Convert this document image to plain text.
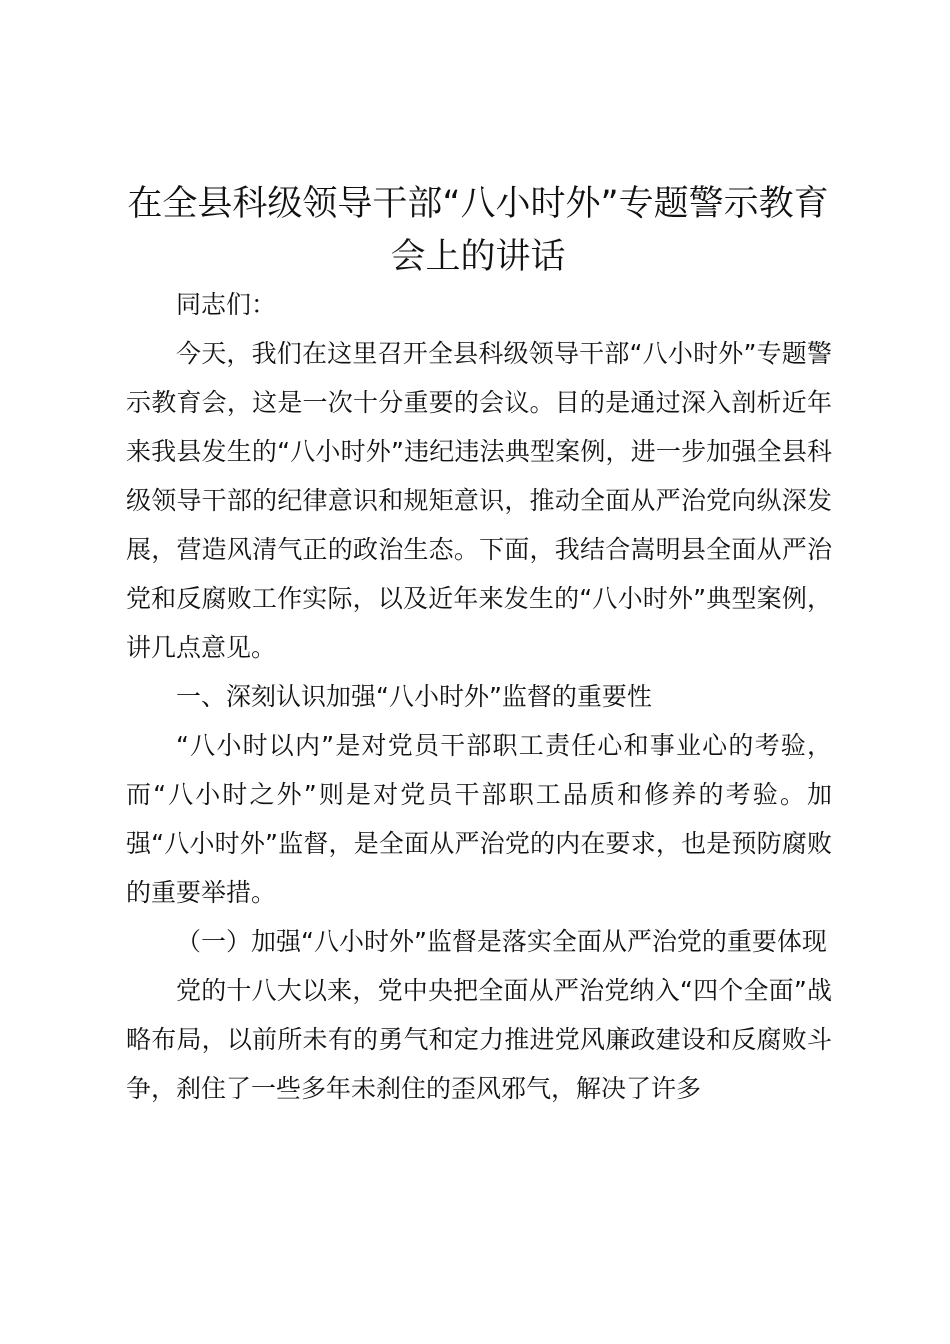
在全县科级领导干部“八小时外”专题警示教育会上的讲话

同志们：

今天，我们在这里召开全县科级领导干部“八小时外”专题警示教育会，这是一次十分重要的会议。目的是通过深入剖析近年来我县发生的“八小时外”违纪违法典型案例，进一步加强全县科级领导干部的纪律意识和规矩意识，推动全面从严治党向纵深发展，营造风清气正的政治生态。下面，我结合嵩明县全面从严治党和反腐败工作实际，以及近年来发生的“八小时外”典型案例，讲几点意见。

一、深刻认识加强“八小时外”监督的重要性

“八小时以内”是对党员干部职工责任心和事业心的考验，而“八小时之外”则是对党员干部职工品质和修养的考验。加强“八小时外”监督，是全面从严治党的内在要求，也是预防腐败的重要举措。

（一）加强“八小时外”监督是落实全面从严治党的重要体现

党的十八大以来，党中央把全面从严治党纳入“四个全面”战略布局，以前所未有的勇气和定力推进党风廉政建设和反腐败斗争，刹住了一些多年未刹住的歪风邪气，解决了许多
